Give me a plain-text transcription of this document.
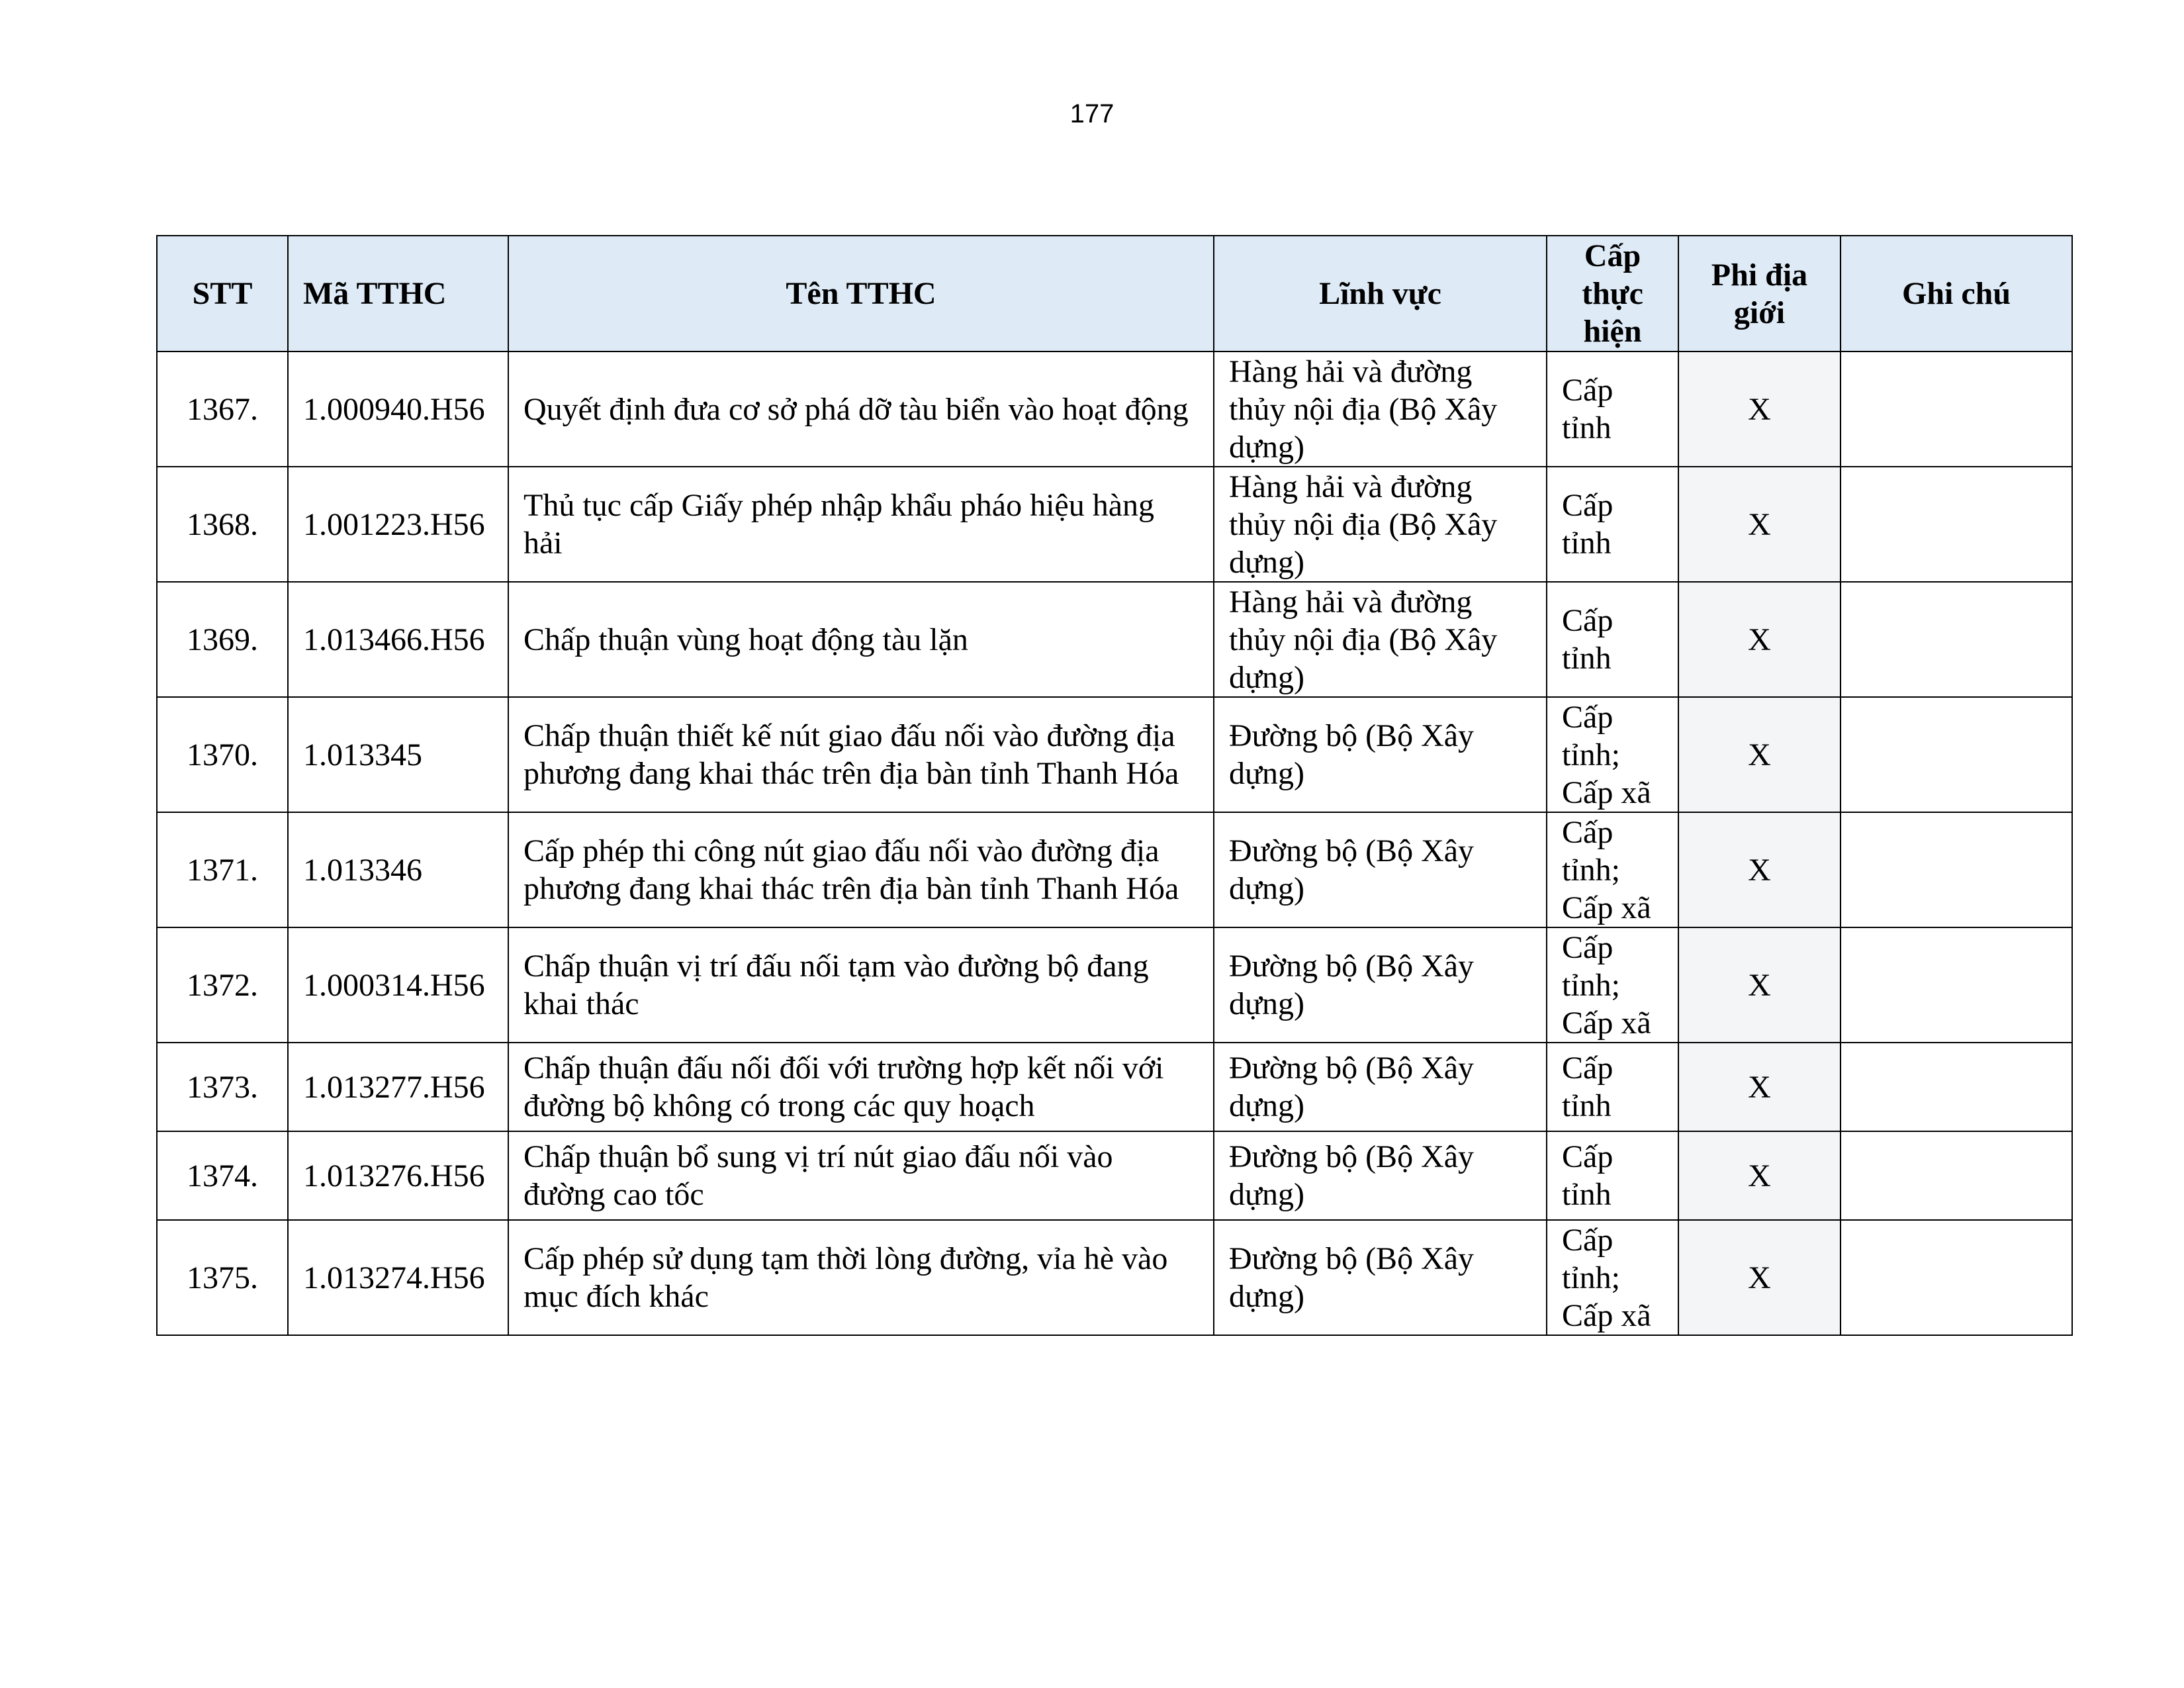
177
STT	Mã TTHC	Tên TTHC	Lĩnh vực	Cấp thực hiện	Phi địa giới	Ghi chú
1367.	1.000940.H56	Quyết định đưa cơ sở phá dỡ tàu biển vào hoạt động	Hàng hải và đường thủy nội địa (Bộ Xây dựng)	Cấp tỉnh	X	
1368.	1.001223.H56	Thủ tục cấp Giấy phép nhập khẩu pháo hiệu hàng hải	Hàng hải và đường thủy nội địa (Bộ Xây dựng)	Cấp tỉnh	X	
1369.	1.013466.H56	Chấp thuận vùng hoạt động tàu lặn	Hàng hải và đường thủy nội địa (Bộ Xây dựng)	Cấp tỉnh	X	
1370.	1.013345	Chấp thuận thiết kế nút giao đấu nối vào đường địa phương đang khai thác trên địa bàn tỉnh Thanh Hóa	Đường bộ (Bộ Xây dựng)	Cấp tỉnh; Cấp xã	X	
1371.	1.013346	Cấp phép thi công nút giao đấu nối vào đường địa phương đang khai thác trên địa bàn tỉnh Thanh Hóa	Đường bộ (Bộ Xây dựng)	Cấp tỉnh; Cấp xã	X	
1372.	1.000314.H56	Chấp thuận vị trí đấu nối tạm vào đường bộ đang khai thác	Đường bộ (Bộ Xây dựng)	Cấp tỉnh; Cấp xã	X	
1373.	1.013277.H56	Chấp thuận đấu nối đối với trường hợp kết nối với đường bộ không có trong các quy hoạch	Đường bộ (Bộ Xây dựng)	Cấp tỉnh	X	
1374.	1.013276.H56	Chấp thuận bổ sung vị trí nút giao đấu nối vào đường cao tốc	Đường bộ (Bộ Xây dựng)	Cấp tỉnh	X	
1375.	1.013274.H56	Cấp phép sử dụng tạm thời lòng đường, vỉa hè vào mục đích khác	Đường bộ (Bộ Xây dựng)	Cấp tỉnh; Cấp xã	X	
